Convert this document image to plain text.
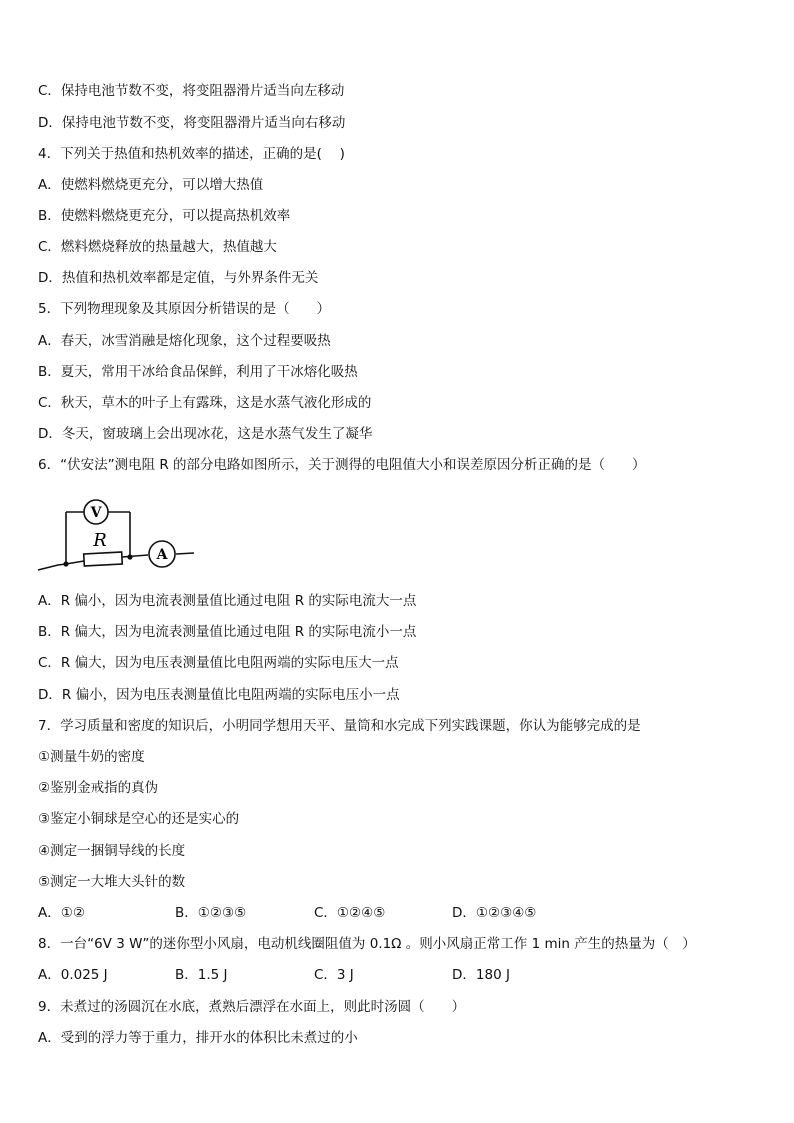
C．保持电池节数不变，将变阻器滑片适当向左移动
D．保持电池节数不变，将变阻器滑片适当向右移动
4．下列关于热值和热机效率的描述，正确的是(　 )
A．使燃料燃烧更充分，可以增大热值
B．使燃料燃烧更充分，可以提高热机效率
C．燃料燃烧释放的热量越大，热值越大
D．热值和热机效率都是定值，与外界条件无关
5．下列物理现象及其原因分析错误的是（　　）
A．春天，冰雪消融是熔化现象，这个过程要吸热
B．夏天，常用干冰给食品保鲜，利用了干冰熔化吸热
C．秋天，草木的叶子上有露珠，这是水蒸气液化形成的
D．冬天，窗玻璃上会出现冰花，这是水蒸气发生了凝华
6．“伏安法”测电阻 R 的部分电路如图所示，关于测得的电阻值大小和误差原因分析正确的是（　　）
V
R
A
A．R 偏小，因为电流表测量值比通过电阻 R 的实际电流大一点
B．R 偏大，因为电流表测量值比通过电阻 R 的实际电流小一点
C．R 偏大，因为电压表测量值比电阻两端的实际电压大一点
D．R 偏小，因为电压表测量值比电阻两端的实际电压小一点
7．学习质量和密度的知识后，小明同学想用天平、量筒和水完成下列实践课题，你认为能够完成的是
①测量牛奶的密度
②鉴别金戒指的真伪
③鉴定小铜球是空心的还是实心的
④测定一捆铜导线的长度
⑤测定一大堆大头针的数
A．①②	B．①②③⑤	C．①②④⑤	D．①②③④⑤
8．一台“6V 3 W”的迷你型小风扇，电动机线圈阻值为 0.1Ω 。则小风扇正常工作 1 min 产生的热量为（　）
A．0.025 J	B．1.5 J	C．3 J	D．180 J
9．未煮过的汤圆沉在水底，煮熟后漂浮在水面上，则此时汤圆（　　）
A．受到的浮力等于重力，排开水的体积比未煮过的小
